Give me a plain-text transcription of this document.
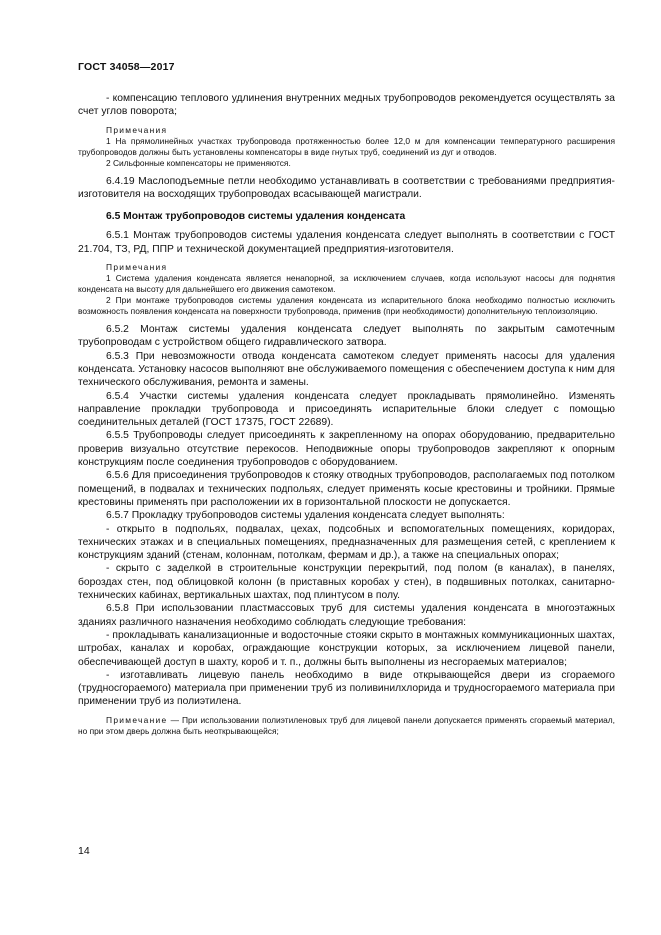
ГОСТ 34058—2017

- компенсацию теплового удлинения внутренних медных трубопроводов рекомендуется осуществлять за счет углов поворота;

Примечания

1 На прямолинейных участках трубопровода протяженностью более 12,0 м для компенсации температурного расширения трубопроводов должны быть установлены компенсаторы в виде гнутых труб, соединений из дуг и отводов.

2 Сильфонные компенсаторы не применяются.

6.4.19 Маслоподъемные петли необходимо устанавливать в соответствии с требованиями предприятия-изготовителя на восходящих трубопроводах всасывающей магистрали.

6.5 Монтаж трубопроводов системы удаления конденсата

6.5.1 Монтаж трубопроводов системы удаления конденсата следует выполнять в соответствии с ГОСТ 21.704, ТЗ, РД, ППР и технической документацией предприятия-изготовителя.

Примечания

1 Система удаления конденсата является ненапорной, за исключением случаев, когда используют насосы для поднятия конденсата на высоту для дальнейшего его движения самотеком.

2 При монтаже трубопроводов системы удаления конденсата из испарительного блока необходимо полностью исключить возможность появления конденсата на поверхности трубопровода, применив (при необходимости) дополнительную теплоизоляцию.

6.5.2 Монтаж системы удаления конденсата следует выполнять по закрытым самотечным трубопроводам с устройством общего гидравлического затвора.

6.5.3 При невозможности отвода конденсата самотеком следует применять насосы для удаления конденсата. Установку насосов выполняют вне обслуживаемого помещения с обеспечением доступа к ним для технического обслуживания, ремонта и замены.

6.5.4 Участки системы удаления конденсата следует прокладывать прямолинейно. Изменять направление прокладки трубопровода и присоединять испарительные блоки следует с помощью соединительных деталей (ГОСТ 17375, ГОСТ 22689).

6.5.5 Трубопроводы следует присоединять к закрепленному на опорах оборудованию, предварительно проверив визуально отсутствие перекосов. Неподвижные опоры трубопроводов закрепляют к опорным конструкциям после соединения трубопроводов с оборудованием.

6.5.6 Для присоединения трубопроводов к стояку отводных трубопроводов, располагаемых под потолком помещений, в подвалах и технических подпольях, следует применять косые крестовины и тройники. Прямые крестовины применять при расположении их в горизонтальной плоскости не допускается.

6.5.7 Прокладку трубопроводов системы удаления конденсата следует выполнять:

- открыто в подпольях, подвалах, цехах, подсобных и вспомогательных помещениях, коридорах, технических этажах и в специальных помещениях, предназначенных для размещения сетей, с креплением к конструкциям зданий (стенам, колоннам, потолкам, фермам и др.), а также на специальных опорах;

- скрыто с заделкой в строительные конструкции перекрытий, под полом (в каналах), в панелях, бороздах стен, под облицовкой колонн (в приставных коробах у стен), в подвшивных потолках, санитарно-технических кабинах, вертикальных шахтах, под плинтусом в полу.

6.5.8 При использовании пластмассовых труб для системы удаления конденсата в многоэтажных зданиях различного назначения необходимо соблюдать следующие требования:

- прокладывать канализационные и водосточные стояки скрыто в монтажных коммуникационных шахтах, штробах, каналах и коробах, ограждающие конструкции которых, за исключением лицевой панели, обеспечивающей доступ в шахту, короб и т. п., должны быть выполнены из несгораемых материалов;

- изготавливать лицевую панель необходимо в виде открывающейся двери из сгораемого (трудносгораемого) материала при применении труб из поливинилхлорида и трудносгораемого материала при применении труб из полиэтилена.

Примечание — При использовании полиэтиленовых труб для лицевой панели допускается применять сгораемый материал, но при этом дверь должна быть неоткрывающейся;

14
